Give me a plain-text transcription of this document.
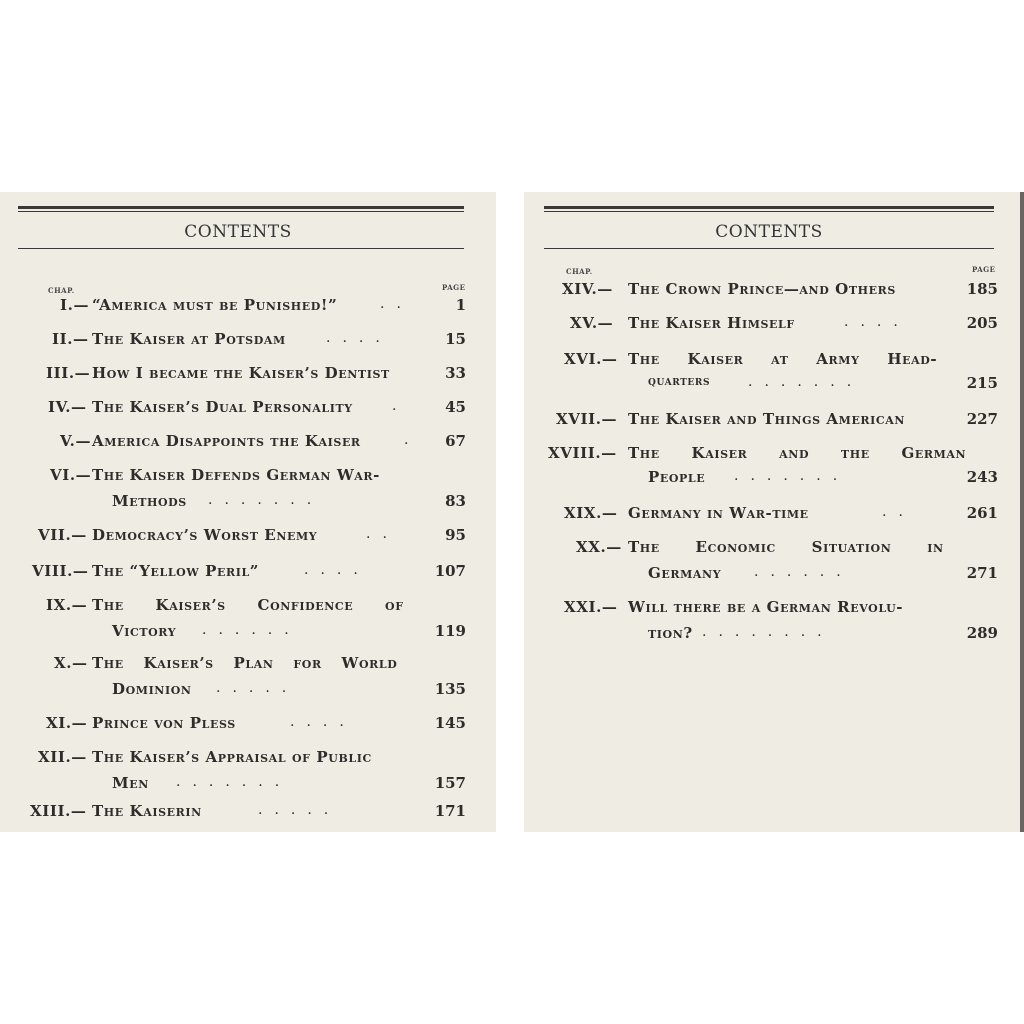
CONTENTS
CHAP.	PAGE
I.— “America must be Punished!”	..	1
II.— The Kaiser at Potsdam	....	15
III.— How I became the Kaiser’s Dentist	33
IV.— The Kaiser’s Dual Personality	.	45
V.— America Disappoints the Kaiser	.	67
VI.— The Kaiser Defends German War-
Methods .......	83
VII.— Democracy’s Worst Enemy	..	95
VIII.— The “Yellow Peril”	....	107
IX.— The Kaiser’s Confidence of
Victory ......	119
X.— The Kaiser’s Plan for World
Dominion .....	135
XI.— Prince von Pless	....	145
XII.— The Kaiser’s Appraisal of Public
Men .......	157
XIII.— The Kaiserin	.....	171
CONTENTS
CHAP.	PAGE
XIV.— The Crown Prince—and Others	185
XV.— The Kaiser Himself	....	205
XVI.— The Kaiser at Army Head-
quarters	.......	215
XVII.— The Kaiser and Things American	227
XVIII.— The Kaiser and the German
People .......	243
XIX.— Germany in War-time	..	261
XX.— The Economic Situation in
Germany ......	271
XXI.— Will there be a German Revolu-
tion? ........	289
